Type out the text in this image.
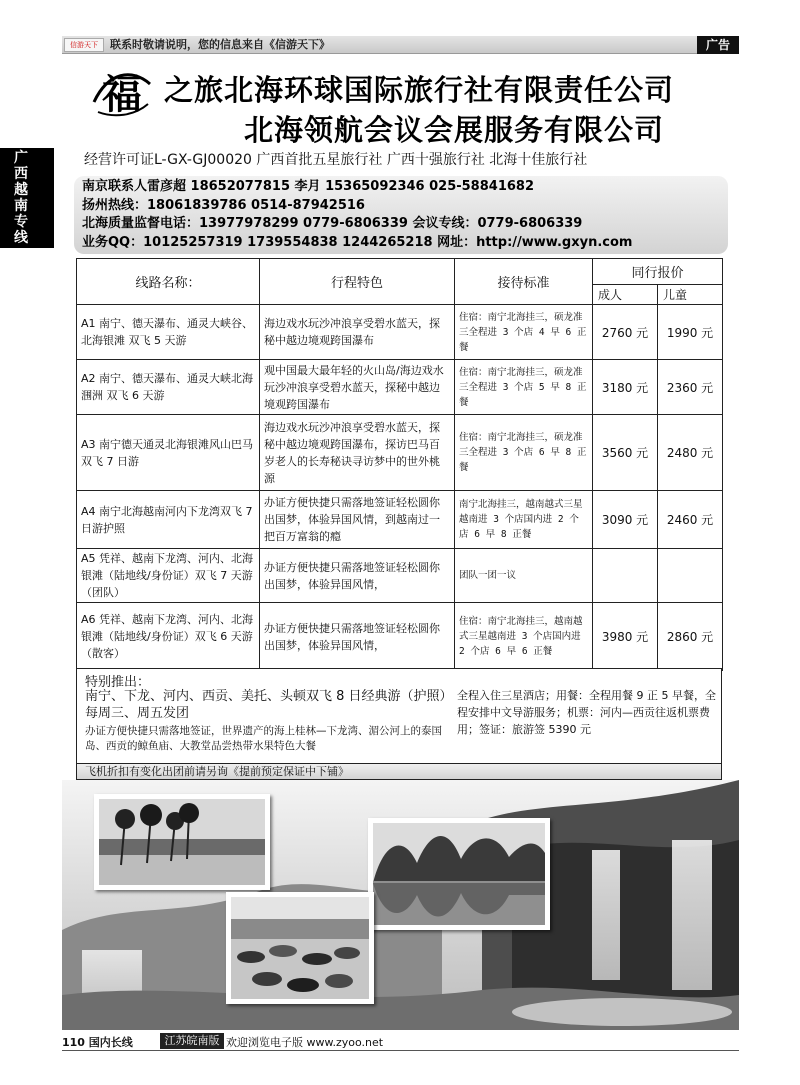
信游天下	联系时敬请说明，您的信息来自《信游天下》	广告
广西越南专线
福 之旅北海环球国际旅行社有限责任公司
北海领航会议会展服务有限公司
经营许可证L-GX-GJ00020 广西首批五星旅行社 广西十强旅行社 北海十佳旅行社
南京联系人雷彦超 18652077815 李月 15365092346 025-58841682
扬州热线：18061839786 0514-87942516
北海质量监督电话：13977978299 0779-6806339 会议专线：0779-6806339
业务QQ：10125257319 1739554838 1244265218 网址：http://www.gxyn.com
线路名称：	行程特色	接待标准	同行报价	
			成人	儿童
A1 南宁、德天瀑布、通灵大峡谷、北海银滩 双飞 5 天游	海边戏水玩沙冲浪享受碧水蓝天，探秘中越边境观跨国瀑布	住宿：南宁北海挂三，硕龙准三全程进 3 个店 4 早 6 正餐	2760 元	1990 元
A2 南宁、德天瀑布、通灵大峡北海涠洲 双飞 6 天游	观中国最大最年轻的火山岛/海边戏水玩沙冲浪享受碧水蓝天，探秘中越边境观跨国瀑布	住宿：南宁北海挂三，硕龙准三全程进 3 个店 5 早 8 正餐	3180 元	2360 元
A3 南宁德天通灵北海银滩风山巴马双飞 7 日游	海边戏水玩沙冲浪享受碧水蓝天，探秘中越边境观跨国瀑布，探访巴马百岁老人的长寿秘诀寻访梦中的世外桃源	住宿：南宁北海挂三，硕龙准三全程进 3 个店 6 早 8 正餐	3560 元	2480 元
A4 南宁北海越南河内下龙湾双飞 7 日游护照	办证方便快捷只需落地签证轻松圆你出国梦，体验异国风情，到越南过一把百万富翁的瘾	南宁北海挂三，越南越式三星越南进 3 个店国内进 2 个店 6 早 8 正餐	3090 元	2460 元
A5 凭祥、越南下龙湾、河内、北海银滩（陆地线/身份证）双飞 7 天游（团队）	办证方便快捷只需落地签证轻松圆你出国梦，体验异国风情，	团队一团一议		
A6 凭祥、越南下龙湾、河内、北海银滩（陆地线/身份证）双飞 6 天游（散客）	办证方便快捷只需落地签证轻松圆你出国梦，体验异国风情，	住宿：南宁北海挂三，越南越式三星越南进 3 个店国内进 2 个店 6 早 6 正餐	3980 元	2860 元
特别推出：
南宁、下龙、河内、西贡、美托、头顿双飞 8 日经典游（护照）每周三、周五发团
办证方便快捷只需落地签证，世界遗产的海上桂林—下龙湾、湄公河上的泰国岛、西贡的鲸鱼庙、大教堂品尝热带水果特色大餐
全程入住三星酒店；用餐：全程用餐 9 正 5 早餐，全程安排中文导游服务；机票：河内—西贡往返机票费用；签证：旅游签 5390 元
飞机折扣有变化出团前请另询《提前预定保证中下铺》
110 国内长线	江苏皖南版 欢迎浏览电子版 www.zyoo.net
